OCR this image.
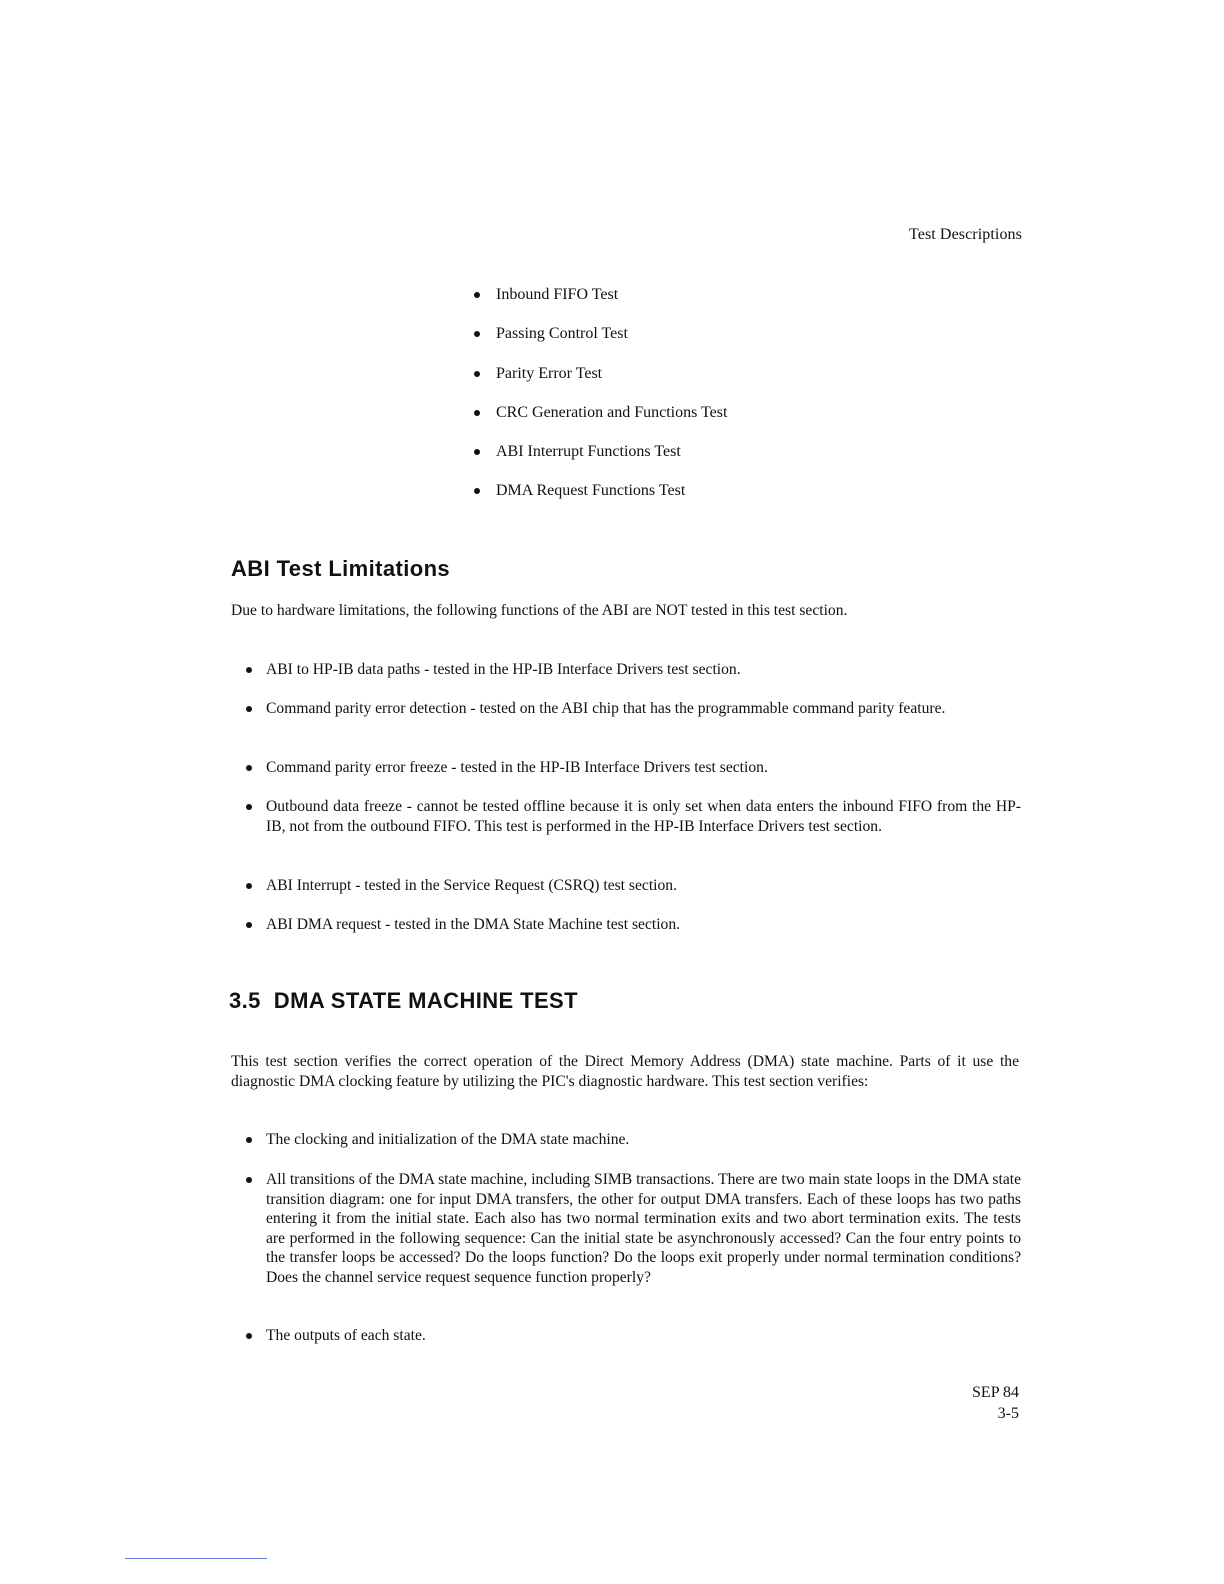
Test Descriptions
Inbound FIFO Test
Passing Control Test
Parity Error Test
CRC Generation and Functions Test
ABI Interrupt Functions Test
DMA Request Functions Test
ABI Test Limitations

Due to hardware limitations, the following functions of the ABI are NOT tested in this test section.

ABI to HP-IB data paths - tested in the HP-IB Interface Drivers test section.
Command parity error detection - tested on the ABI chip that has the programmable command parity feature.
Command parity error freeze - tested in the HP-IB Interface Drivers test section.
Outbound data freeze - cannot be tested offline because it is only set when data enters the inbound FIFO from the HP-IB, not from the outbound FIFO. This test is performed in the HP-IB Interface Drivers test section.
ABI Interrupt - tested in the Service Request (CSRQ) test section.
ABI DMA request - tested in the DMA State Machine test section.
3.5  DMA STATE MACHINE TEST

This test section verifies the correct operation of the Direct Memory Address (DMA) state machine. Parts of it use the diagnostic DMA clocking feature by utilizing the PIC's diagnostic hardware. This test section verifies:

The clocking and initialization of the DMA state machine.
All transitions of the DMA state machine, including SIMB transactions. There are two main state loops in the DMA state transition diagram: one for input DMA transfers, the other for output DMA transfers. Each of these loops has two paths entering it from the initial state. Each also has two normal termination exits and two abort termination exits. The tests are performed in the following sequence: Can the initial state be asynchronously accessed? Can the four entry points to the transfer loops be accessed? Do the loops function? Do the loops exit properly under normal termination conditions? Does the channel service request sequence function properly?
The outputs of each state.
SEP 84
3-5
